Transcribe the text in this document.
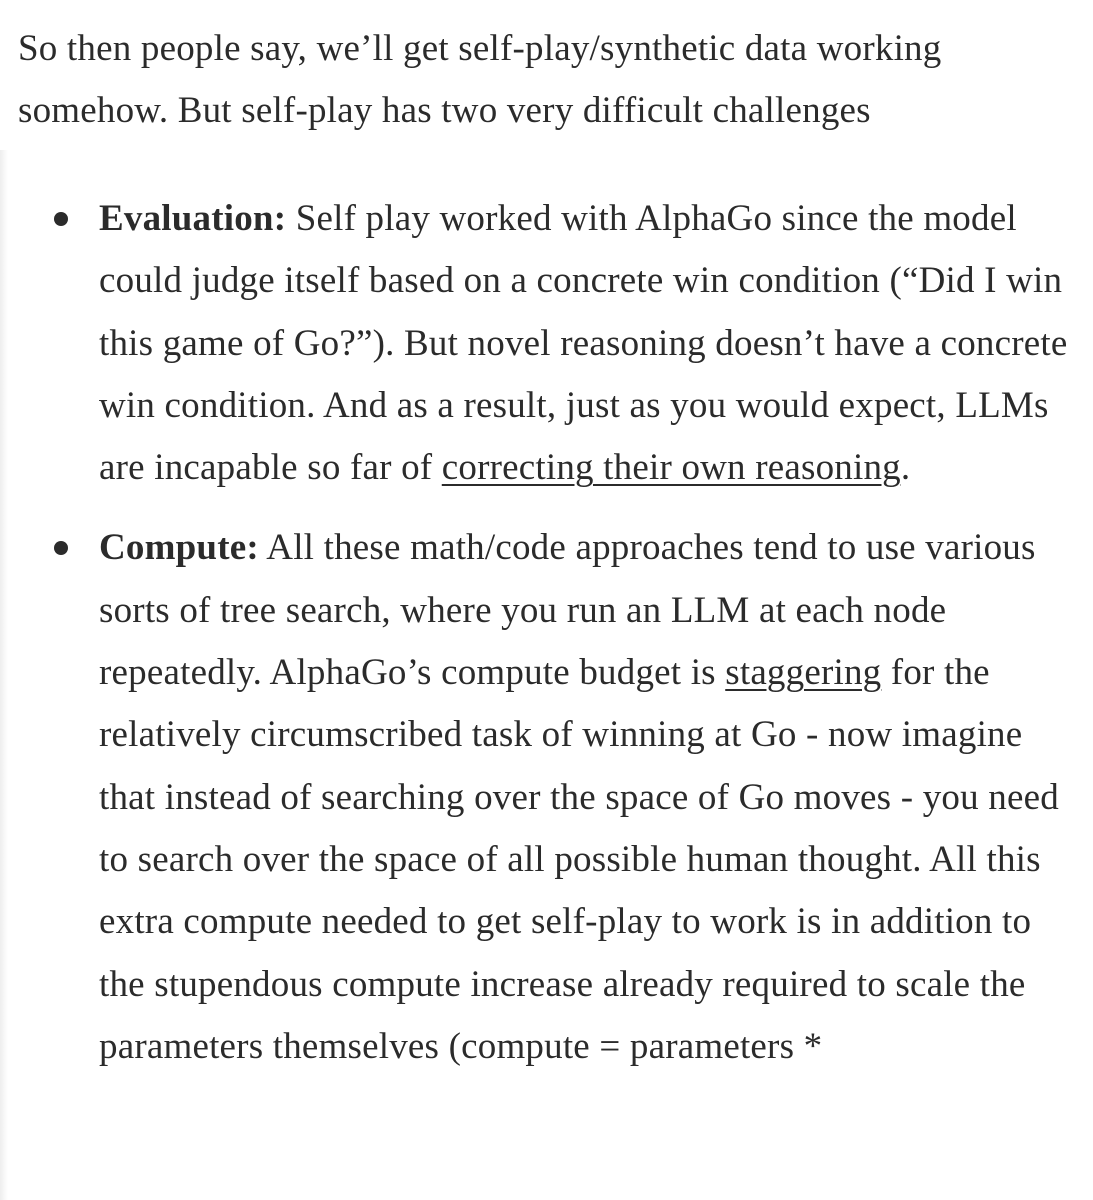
So then people say, we’ll get self-play/synthetic data working
somehow. But self-play has two very difficult challenges

Evaluation: Self play worked with AlphaGo since the model could judge itself based on a concrete win condition (“Did I win this game of Go?”). But novel reasoning doesn’t have a concrete win condition. And as a result, just as you would expect, LLMs are incapable so far of correcting their own reasoning.
Compute: All these math/code approaches tend to use various sorts of tree search, where you run an LLM at each node repeatedly. AlphaGo’s compute budget is staggering for the relatively circumscribed task of winning at Go - now imagine that instead of searching over the space of Go moves - you need to search over the space of all possible human thought. All this extra compute needed to get self-play to work is in addition to the stupendous compute increase already required to scale the parameters themselves (compute = parameters *
